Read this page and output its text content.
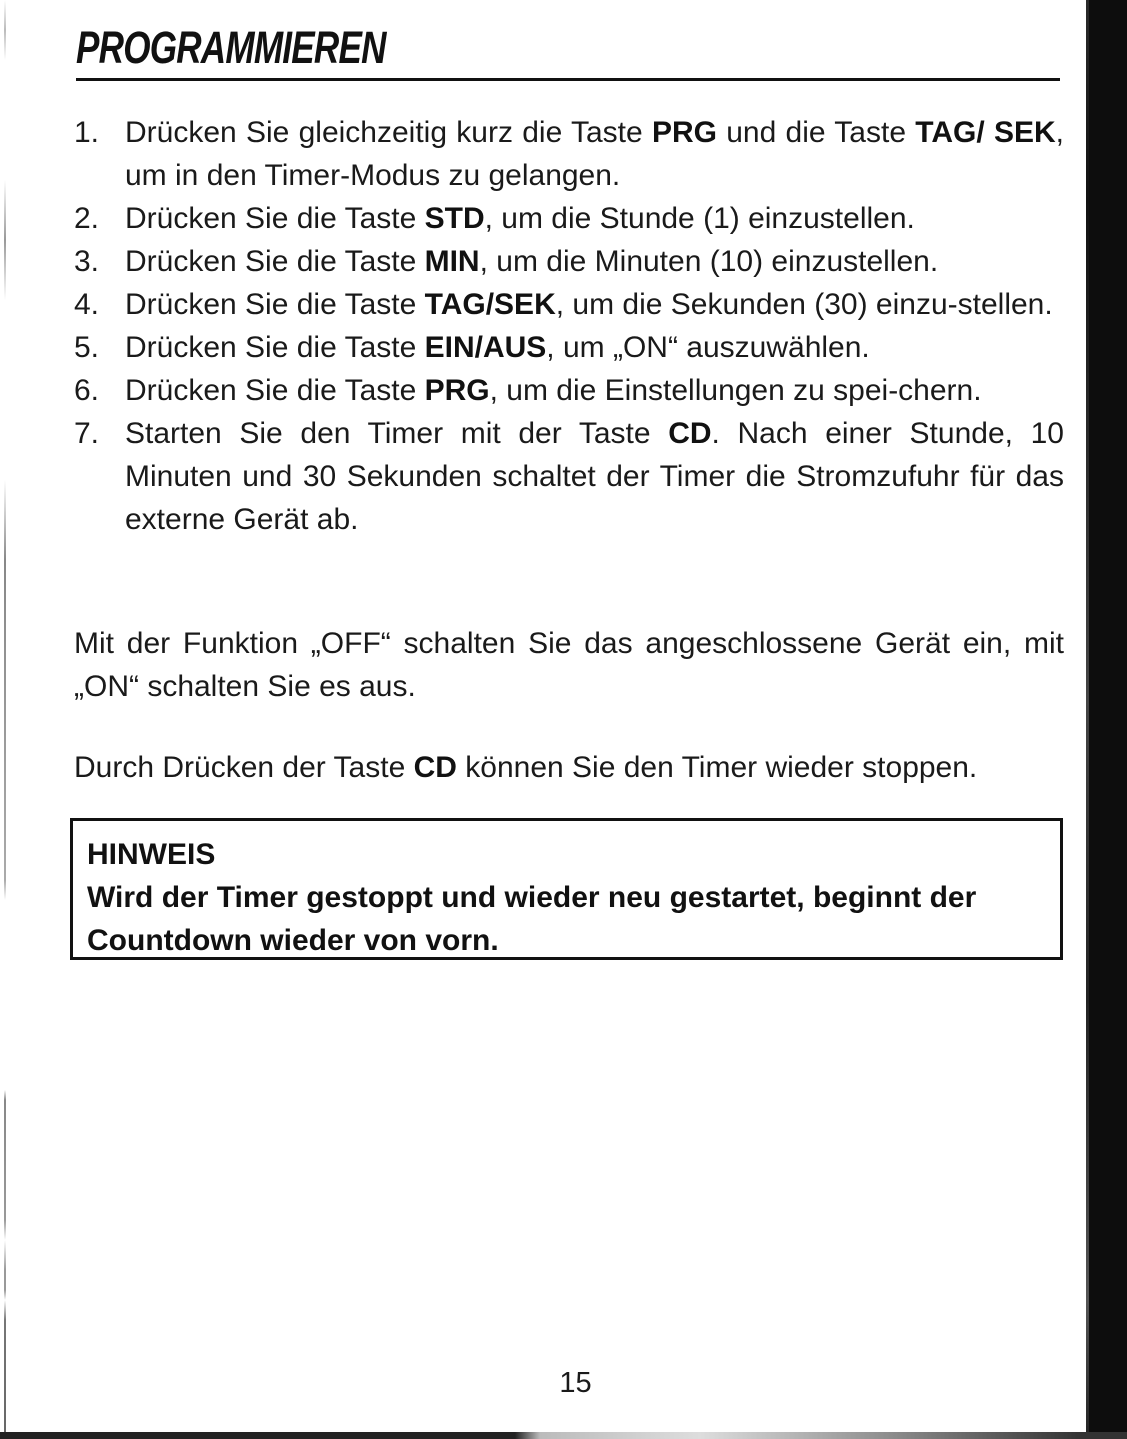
PROGRAMMIEREN
1. Drücken Sie gleichzeitig kurz die Taste PRG und die Taste TAG/ SEK, um in den Timer-Modus zu gelangen.
2. Drücken Sie die Taste STD, um die Stunde (1) einzustellen.
3. Drücken Sie die Taste MIN, um die Minuten (10) einzustellen.
4. Drücken Sie die Taste TAG/SEK, um die Sekunden (30) einzu-stellen.
5. Drücken Sie die Taste EIN/AUS, um „ON“ auszuwählen.
6. Drücken Sie die Taste PRG, um die Einstellungen zu spei-chern.
7. Starten Sie den Timer mit der Taste CD. Nach einer Stunde, 10 Minuten und 30 Sekunden schaltet der Timer die Stromzufuhr für das externe Gerät ab.

Mit der Funktion „OFF“ schalten Sie das angeschlossene Gerät ein, mit „ON“ schalten Sie es aus.

Durch Drücken der Taste CD können Sie den Timer wieder stoppen.

HINWEIS

Wird der Timer gestoppt und wieder neu gestartet, beginnt der Countdown wieder von vorn.

15
